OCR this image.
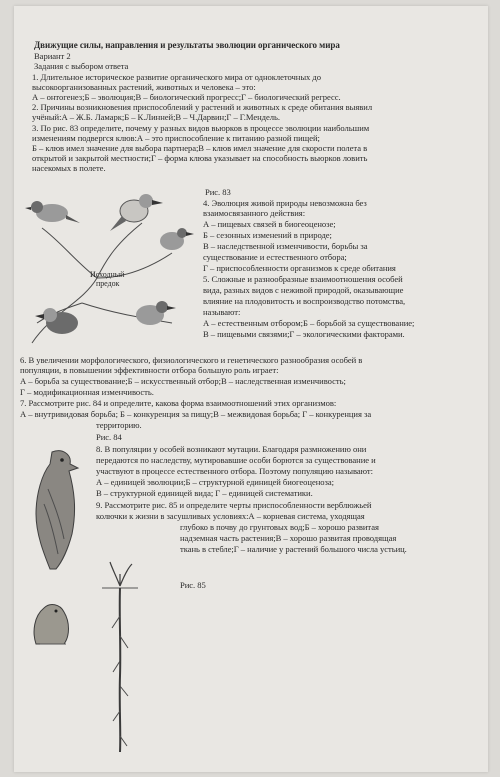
Движущие силы, направления и результаты эволюции органического мира
Вариант 2
Задания с выбором ответа
1. Длительное историческое развитие органического мира от одноклеточных до
высокоорганизованных растений, животных и человека – это:
А – онтогенез;Б – эволюция;В – биологический прогресс;Г – биологический регресс.
2. Причины возникновения приспособлений у растений и животных к среде обитания выявил
учёный:А – Ж.Б. Ламарк;Б – К.Линней;В – Ч.Дарвин;Г – Г.Мендель.
3. По рис. 83 определите, почему у разных видов вьюрков в процессе эволюции наибольшим
изменениям подвергся клюв:А – это приспособление к питанию разной пищей;
Б – клюв имел значение для выбора партнера;В – клюв имел значение для скорости полета в
открытой и закрытой местности;Г – форма клюва указывает на способность вьюрков ловить
насекомых в полете.
Исходный
предок
Рис. 83
4. Эволюция живой природы невозможна без
взаимосвязанного действия:
А – пищевых связей в биогеоценозе;
Б – сезонных изменений в природе;
В – наследственной изменчивости, борьбы за
существование и естественного отбора;
Г – приспособленности организмов к среде обитания
5. Сложные и разнообразные взаимоотношения особей
вида, разных видов с неживой природой, оказывающие
влияние на плодовитость и воспроизводство потомства,
называют:
А – естественным отбором;Б – борьбой за существование;
В – пищевыми связями;Г – экологическими факторами.
6. В увеличении морфологического, физиологического и генетического разнообразия особей в
популяции, в повышении эффективности отбора большую роль играет:
А – борьба за существование;Б – искусственный отбор;В – наследственная изменчивость;
Г – модификационная изменчивость.
7. Рассмотрите рис. 84 и определите, какова форма взаимоотношений этих организмов:
А – внутривидовая борьба; Б – конкуренция за пищу;В – межвидовая борьба; Г – конкуренция за
территорию.
Рис. 84
8. В популяции у особей возникают мутации. Благодаря размножению они
передаются по наследству, мутировавшие особи борются за существование и
участвуют в процессе естественного отбора. Поэтому популяцию называют:
А – единицей эволюции;Б – структурной единицей биогеоценоза;
В – структурной единицей вида; Г – единицей систематики.
9. Рассмотрите рис. 85 и определите черты приспособленности верблюжьей
колючки к жизни в засушливых условиях:А – корневая система, уходящая
глубоко в почву до грунтовых вод;Б – хорошо развитая
надземная часть растения;В – хорошо развитая проводящая
ткань в стебле;Г – наличие у растений большого числа устьиц.
Рис. 85
